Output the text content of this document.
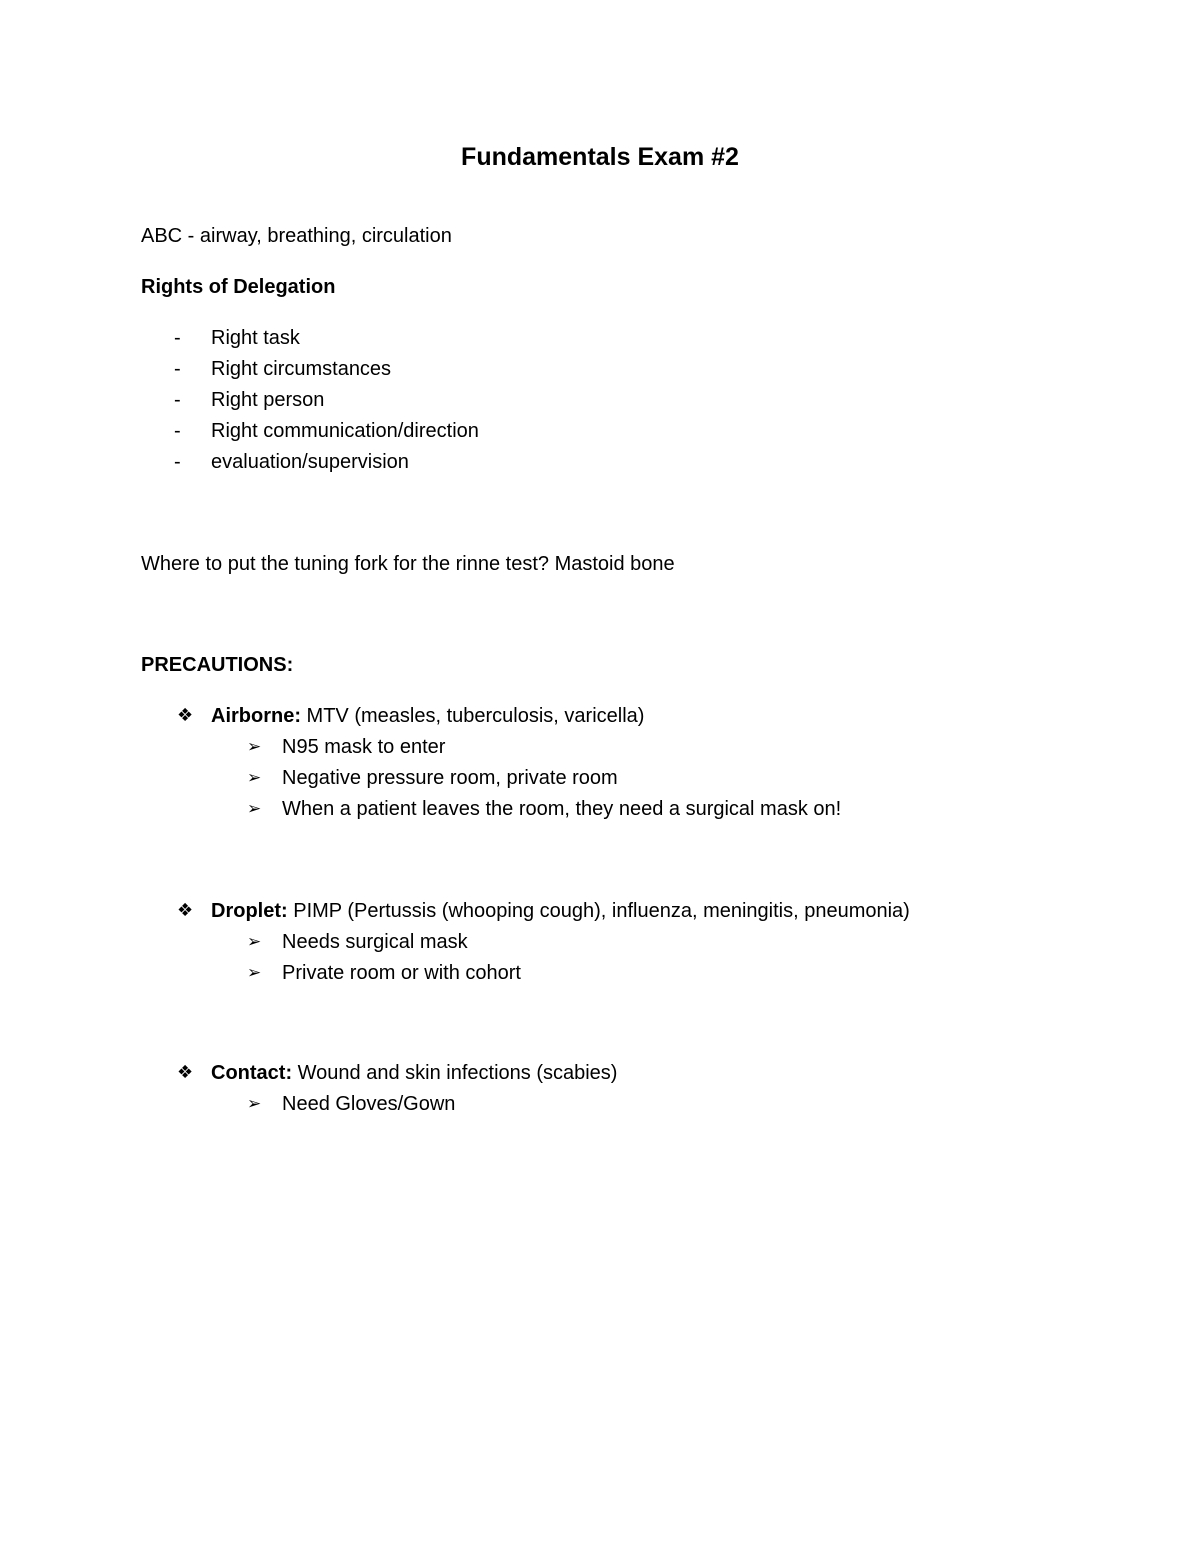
Fundamentals Exam #2
ABC - airway, breathing, circulation
Rights of Delegation
- Right task
- Right circumstances
- Right person
- Right communication/direction
- evaluation/supervision
Where to put the tuning fork for the rinne test? Mastoid bone
PRECAUTIONS:
❖ Airborne: MTV (measles, tuberculosis, varicella)
➢ N95 mask to enter
➢ Negative pressure room, private room
➢ When a patient leaves the room, they need a surgical mask on!
❖ Droplet: PIMP (Pertussis (whooping cough), influenza, meningitis, pneumonia)
➢ Needs surgical mask
➢ Private room or with cohort
❖ Contact: Wound and skin infections (scabies)
➢ Need Gloves/Gown
